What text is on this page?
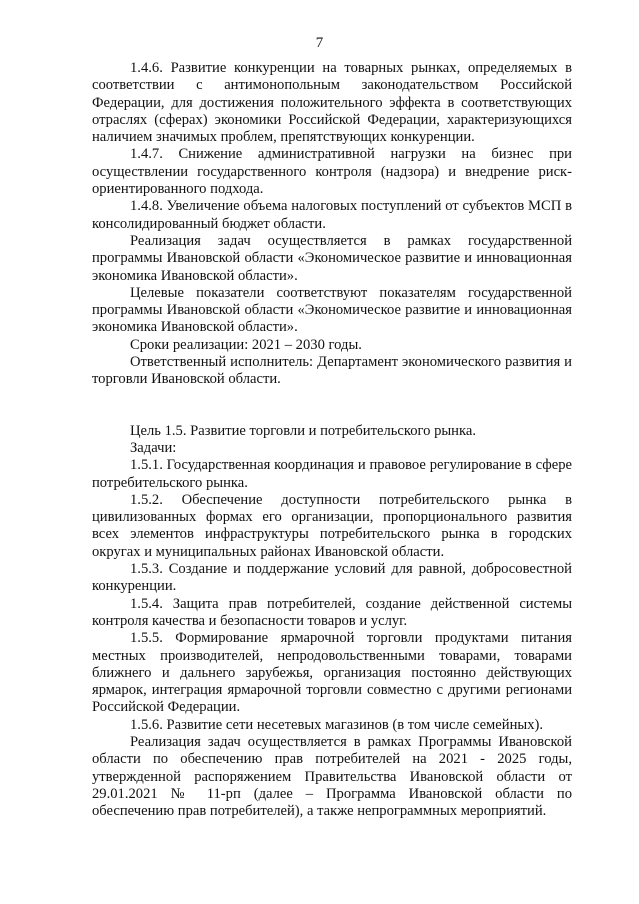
7

1.4.6. Развитие конкуренции на товарных рынках, определяемых в соответствии с антимонопольным законодательством Российской Федерации, для достижения положительного эффекта в соответствующих отраслях (сферах) экономики Российской Федерации, характеризующихся наличием значимых проблем, препятствующих конкуренции.

1.4.7. Снижение административной нагрузки на бизнес при осуществлении государственного контроля (надзора) и внедрение риск-ориентированного подхода.

1.4.8. Увеличение объема налоговых поступлений от субъектов МСП в консолидированный бюджет области.

Реализация задач осуществляется в рамках государственной программы Ивановской области «Экономическое развитие и инновационная экономика Ивановской области».

Целевые показатели соответствуют показателям государственной программы Ивановской области «Экономическое развитие и инновационная экономика Ивановской области».

Сроки реализации: 2021 – 2030 годы.

Ответственный исполнитель: Департамент экономического развития и торговли Ивановской области.

Цель 1.5. Развитие торговли и потребительского рынка.

Задачи:

1.5.1. Государственная координация и правовое регулирование в сфере потребительского рынка.

1.5.2. Обеспечение доступности потребительского рынка в цивилизованных формах его организации, пропорционального развития всех элементов инфраструктуры потребительского рынка в городских округах и муниципальных районах Ивановской области.

1.5.3. Создание и поддержание условий для равной, добросовестной конкуренции.

1.5.4. Защита прав потребителей, создание действенной системы контроля качества и безопасности товаров и услуг.

1.5.5. Формирование ярмарочной торговли продуктами питания местных производителей, непродовольственными товарами, товарами ближнего и дальнего зарубежья, организация постоянно действующих ярмарок, интеграция ярмарочной торговли совместно с другими регионами Российской Федерации.

1.5.6. Развитие сети несетевых магазинов (в том числе семейных).

Реализация задач осуществляется в рамках Программы Ивановской области по обеспечению прав потребителей на 2021 - 2025 годы, утвержденной распоряжением Правительства Ивановской области от 29.01.2021 № 11-рп (далее – Программа Ивановской области по обеспечению прав потребителей), а также непрограммных мероприятий.
